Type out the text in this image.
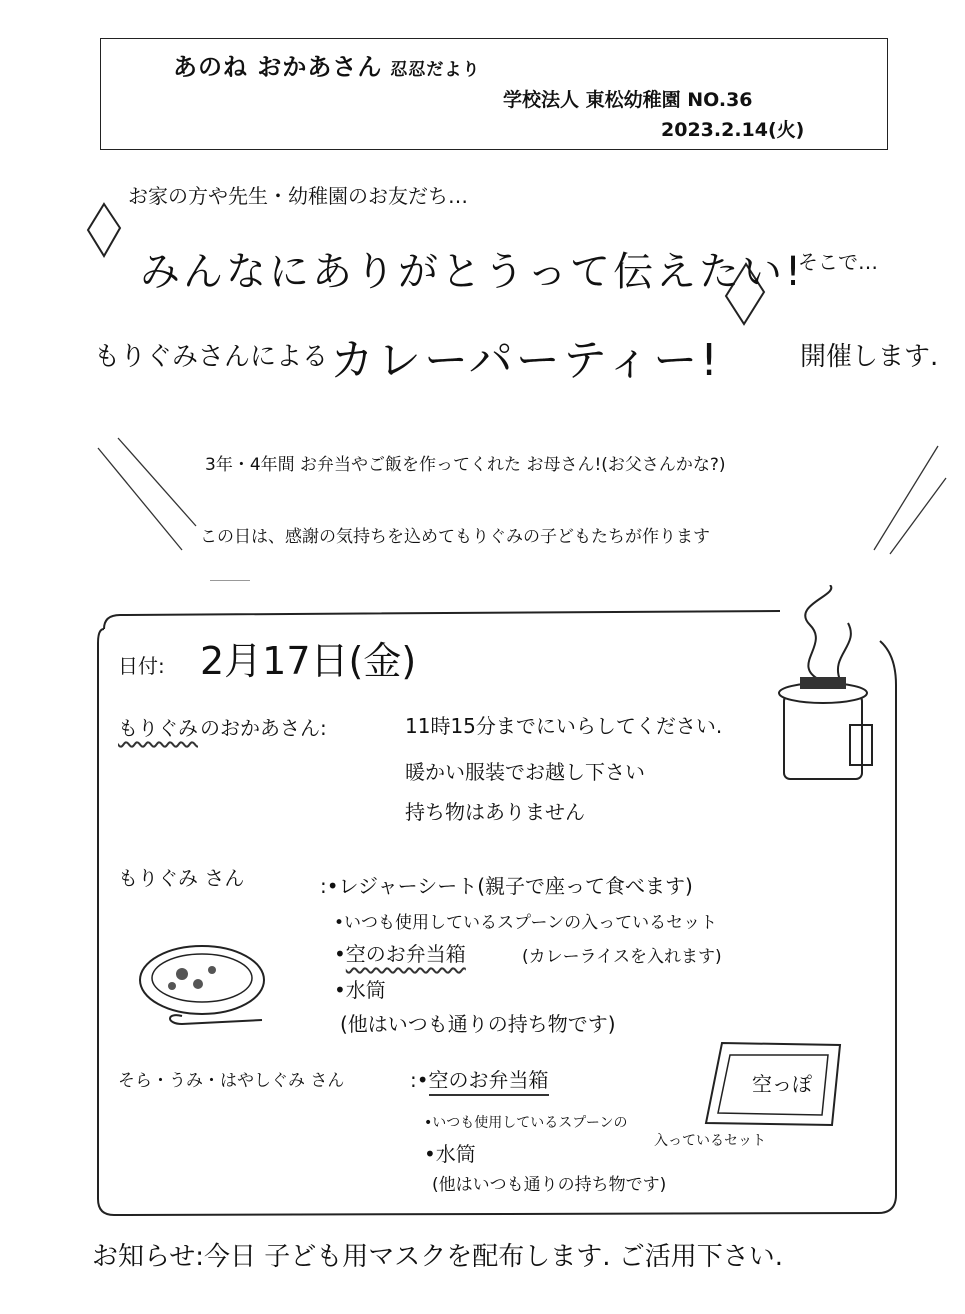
あのね おかあさん 忍忍だより
学校法人 東松幼稚園 NO.36
2023.2.14(火)
お家の方や先生・幼稚園のお友だち…
みんなにありがとうって伝えたい!
そこで…
もりぐみさんによる カレーパーティー!	開催します.
3年・4年間 お弁当やご飯を作ってくれた お母さん!(お父さんかな?)
この日は、感謝の気持ちを込めてもりぐみの子どもたちが作ります
日付: 2月17日(金)
もりぐみ のおかあさん:	11時15分までにいらしてください.
暖かい服装でお越し下さい
持ち物はありません
もりぐみ さん	:•レジャーシート(親子で座って食べます)
•いつも使用しているスプーンの入っているセット
•空のお弁当箱	(カレーライスを入れます)
•水筒
(他はいつも通りの持ち物です)
そら・うみ・はやしぐみ さん	:•空のお弁当箱
•いつも使用しているスプーンの
入っているセット
•水筒
(他はいつも通りの持ち物です)
空っぽ
お知らせ:今日 子ども用マスクを配布します. ご活用下さい.
